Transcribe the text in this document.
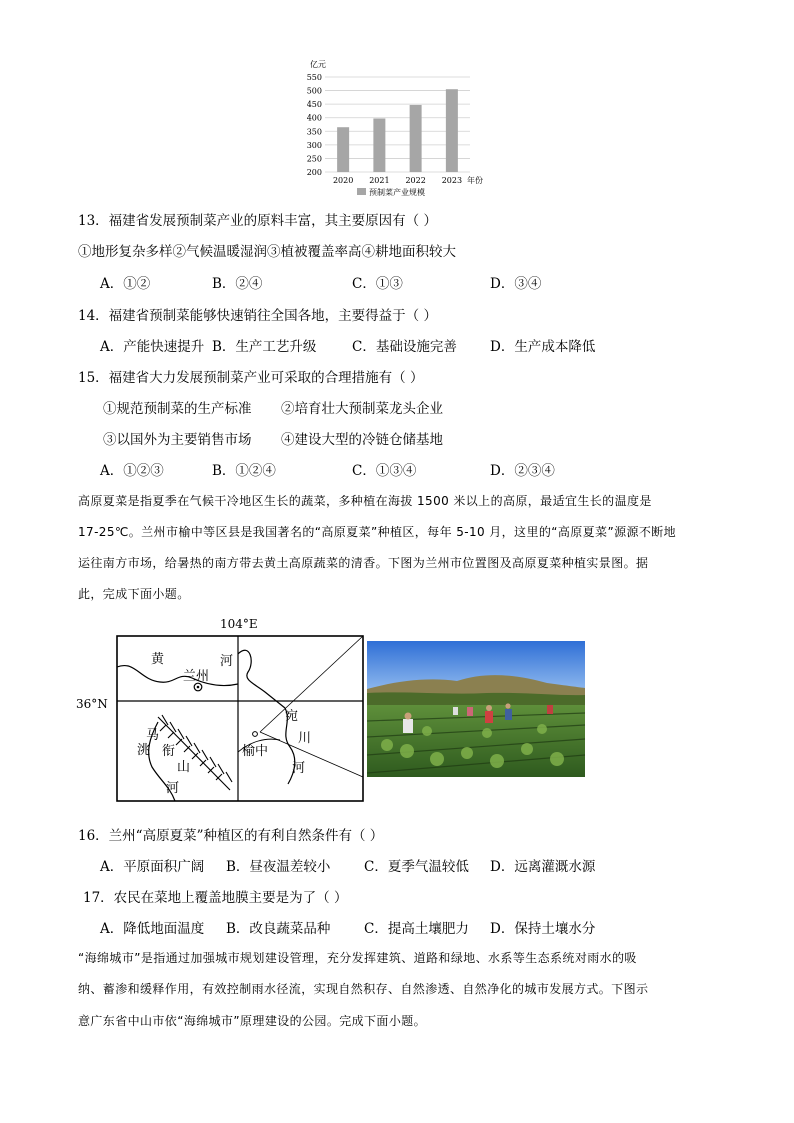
亿元
200
250
300
350
400
450
500
550
2020 2021 2022 2023 年份
预制菜产业规模
13．福建省发展预制菜产业的原料丰富，其主要原因有（ ）
①地形复杂多样②气候温暖湿润③植被覆盖率高④耕地面积较大
A．①②	B．②④	C．①③	D．③④
14．福建省预制菜能够快速销往全国各地，主要得益于（ ）
A．产能快速提升 B．生产工艺升级	C．基础设施完善 D．生产成本降低
15．福建省大力发展预制菜产业可采取的合理措施有（ ）
①规范预制菜的生产标准 ②培育壮大预制菜龙头企业
③以国外为主要销售市场 ④建设大型的冷链仓储基地
A．①②③	B．①②④	C．①③④	D．②③④
高原夏菜是指夏季在气候干冷地区生长的蔬菜，多种植在海拔 1500 米以上的高原，最适宜生长的温度是
17-25℃。兰州市榆中等区县是我国著名的“高原夏菜”种植区，每年 5-10 月，这里的“高原夏菜”源源不断地
运往南方市场，给暑热的南方带去黄土高原蔬菜的清香。下图为兰州市位置图及高原夏菜种植实景图。据
此，完成下面小题。
104°E
36°N
黄	河
兰州
宛
川
榆中
河
马
衔
山
洮
河
16．兰州“高原夏菜”种植区的有利自然条件有（ ）
A．平原面积广阔 B．昼夜温差较小 C．夏季气温较低 D．远离灌溉水源
17．农民在菜地上覆盖地膜主要是为了（ ）
A．降低地面温度 B．改良蔬菜品种 C．提高土壤肥力 D．保持土壤水分
“海绵城市”是指通过加强城市规划建设管理，充分发挥建筑、道路和绿地、水系等生态系统对雨水的吸
纳、蓄渗和缓释作用，有效控制雨水径流，实现自然积存、自然渗透、自然净化的城市发展方式。下图示
意广东省中山市依“海绵城市”原理建设的公园。完成下面小题。
